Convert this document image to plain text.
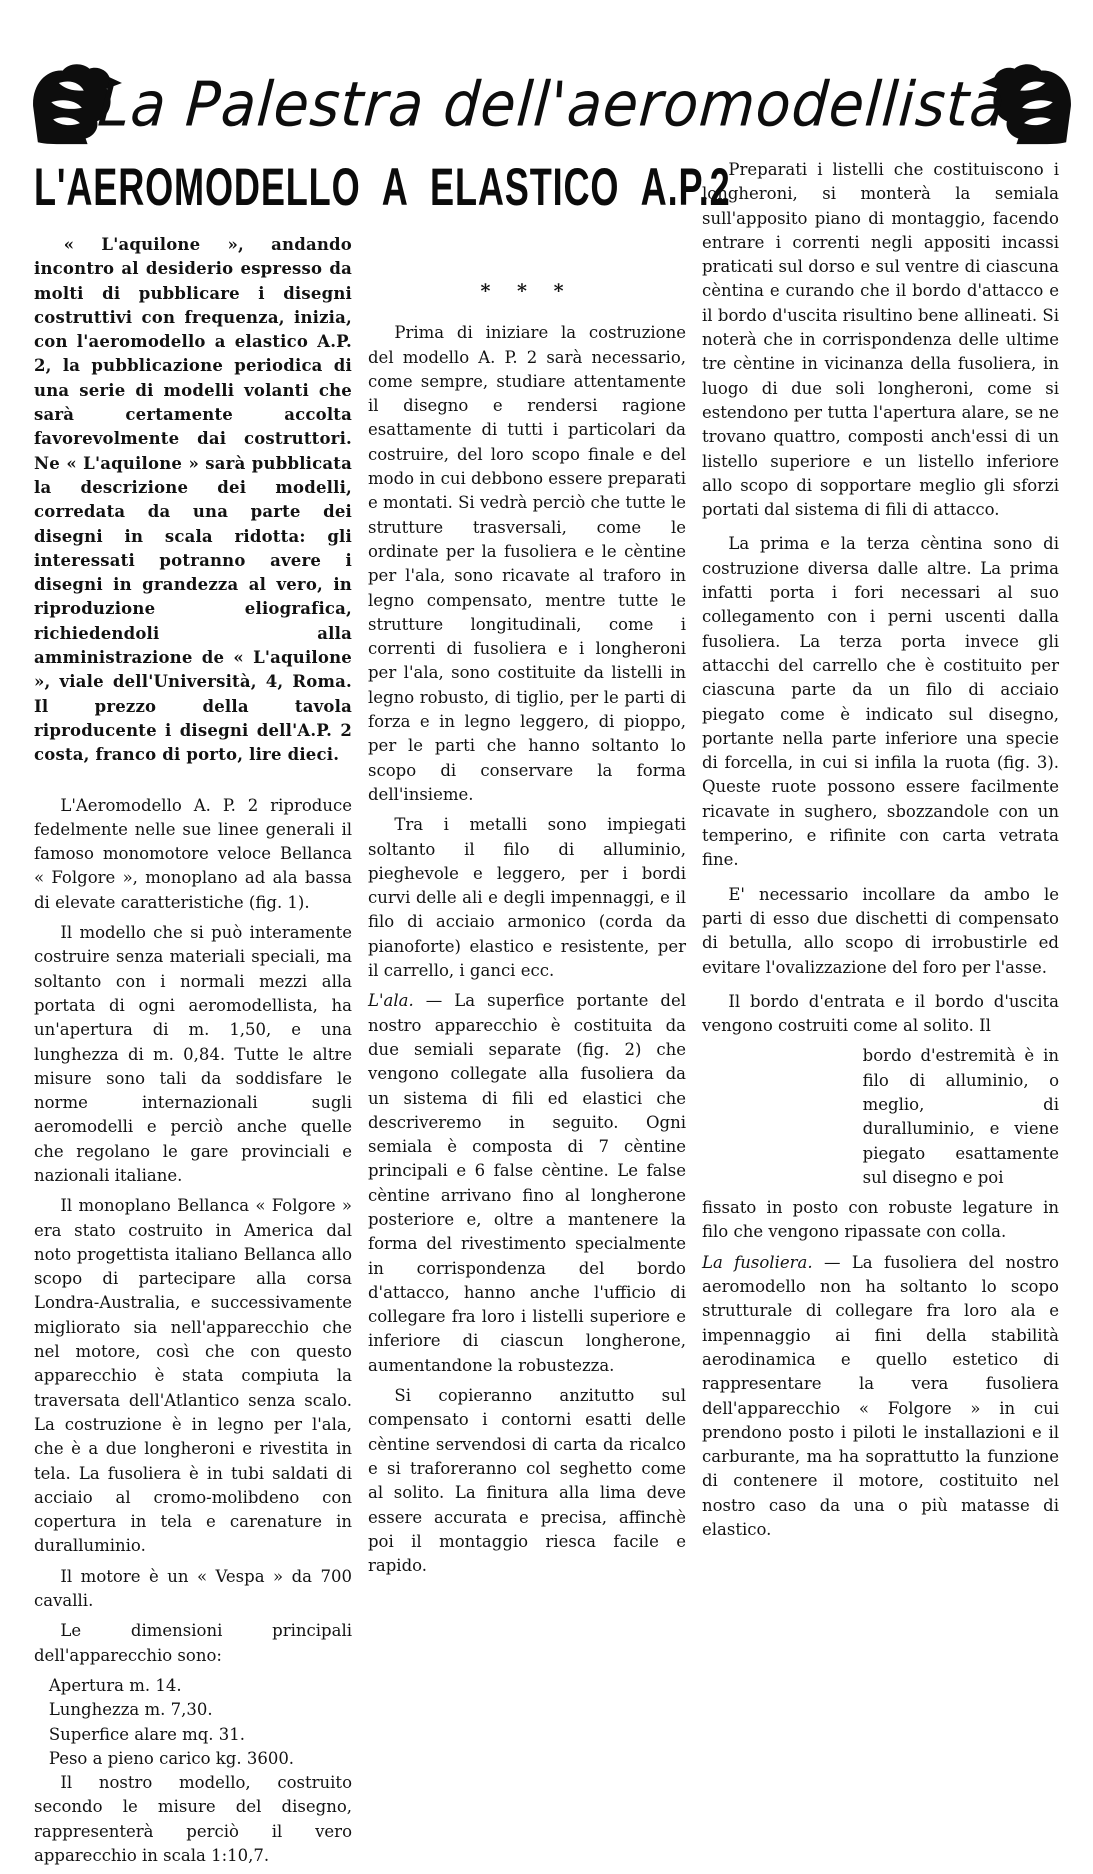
La Palestra dell'aeromodellista
L'AEROMODELLO A ELASTICO A.P.2

« L'aquilone », andando incontro al desiderio espresso da molti di pubblicare i disegni costruttivi con frequenza, inizia, con l'aeromodello a elastico A.P. 2, la pubblicazione periodica di una serie di modelli volanti che sarà certamente accolta favorevolmente dai costruttori. Ne « L'aquilone » sarà pubblicata la descrizione dei modelli, corredata da una parte dei disegni in scala ridotta: gli interessati potranno avere i disegni in grandezza al vero, in riproduzione eliografica, richiedendoli alla amministrazione de « L'aquilone », viale dell'Università, 4, Roma. Il prezzo della tavola riproducente i disegni dell'A.P. 2 costa, franco di porto, lire dieci.

L'Aeromodello A. P. 2 riproduce fedelmente nelle sue linee generali il famoso monomotore veloce Bellanca « Folgore », monoplano ad ala bassa di elevate caratteristiche (fig. 1).

Il modello che si può interamente costruire senza materiali speciali, ma soltanto con i normali mezzi alla portata di ogni aeromodellista, ha un'apertura di m. 1,50, e una lunghezza di m. 0,84. Tutte le altre misure sono tali da soddisfare le norme internazionali sugli aeromodelli e perciò anche quelle che regolano le gare provinciali e nazionali italiane.

Il monoplano Bellanca « Folgore » era stato costruito in America dal noto progettista italiano Bellanca allo scopo di partecipare alla corsa Londra-Australia, e successivamente migliorato sia nell'apparecchio che nel motore, così che con questo apparecchio è stata compiuta la traversata dell'Atlantico senza scalo. La costruzione è in legno per l'ala, che è a due longheroni e rivestita in tela. La fusoliera è in tubi saldati di acciaio al cromo-molibdeno con copertura in tela e carenature in duralluminio.

Il motore è un « Vespa » da 700 cavalli.

Le dimensioni principali dell'apparecchio sono:

Apertura m. 14.

Lunghezza m. 7,30.

Superfice alare mq. 31.

Peso a pieno carico kg. 3600.

Il nostro modello, costruito secondo le misure del disegno, rappresenterà perciò il vero apparecchio in scala 1:10,7.

* * *

Prima di iniziare la costruzione del modello A. P. 2 sarà necessario, come sempre, studiare attentamente il disegno e rendersi ragione esattamente di tutti i particolari da costruire, del loro scopo finale e del modo in cui debbono essere preparati e montati. Si vedrà perciò che tutte le strutture trasversali, come le ordinate per la fusoliera e le cèntine per l'ala, sono ricavate al traforo in legno compensato, mentre tutte le strutture longitudinali, come i correnti di fusoliera e i longheroni per l'ala, sono costituite da listelli in legno robusto, di tiglio, per le parti di forza e in legno leggero, di pioppo, per le parti che hanno soltanto lo scopo di conservare la forma dell'insieme.

Tra i metalli sono impiegati soltanto il filo di alluminio, pieghevole e leggero, per i bordi curvi delle ali e degli impennaggi, e il filo di acciaio armonico (corda da pianoforte) elastico e resistente, per il carrello, i ganci ecc.

L'ala. — La superfice portante del nostro apparecchio è costituita da due semiali separate (fig. 2) che vengono collegate alla fusoliera da un sistema di fili ed elastici che descriveremo in seguito. Ogni semiala è composta di 7 cèntine principali e 6 false cèntine. Le false cèntine arrivano fino al longherone posteriore e, oltre a mantenere la forma del rivestimento specialmente in corrispondenza del bordo d'attacco, hanno anche l'ufficio di collegare fra loro i listelli superiore e inferiore di ciascun longherone, aumentandone la robustezza.

Si copieranno anzitutto sul compensato i contorni esatti delle cèntine servendosi di carta da ricalco e si traforeranno col seghetto come al solito. La finitura alla lima deve essere accurata e precisa, affinchè poi il montaggio riesca facile e rapido.

Preparati i listelli che costituiscono i longheroni, si monterà la semiala sull'apposito piano di montaggio, facendo entrare i correnti negli appositi incassi praticati sul dorso e sul ventre di ciascuna cèntina e curando che il bordo d'attacco e il bordo d'uscita risultino bene allineati. Si noterà che in corrispondenza delle ultime tre cèntine in vicinanza della fusoliera, in luogo di due soli longheroni, come si estendono per tutta l'apertura alare, se ne trovano quattro, composti anch'essi di un listello superiore e un listello inferiore allo scopo di sopportare meglio gli sforzi portati dal sistema di fili di attacco.

La prima e la terza cèntina sono di costruzione diversa dalle altre. La prima infatti porta i fori necessari al suo collegamento con i perni uscenti dalla fusoliera. La terza porta invece gli attacchi del carrello che è costituito per ciascuna parte da un filo di acciaio piegato come è indicato sul disegno, portante nella parte inferiore una specie di forcella, in cui si infila la ruota (fig. 3). Queste ruote possono essere facilmente ricavate in sughero, sbozzandole con un temperino, e rifinite con carta vetrata fine.

E' necessario incollare da ambo le parti di esso due dischetti di compensato di betulla, allo scopo di irrobustirle ed evitare l'ovalizzazione del foro per l'asse.

Il bordo d'entrata e il bordo d'uscita vengono costruiti come al solito. Il

bordo d'estremità è in filo di alluminio, o meglio, di duralluminio, e viene piegato esattamente sul disegno e poi

fissato in posto con robuste legature in filo che vengono ripassate con colla.

La fusoliera. — La fusoliera del nostro aeromodello non ha soltanto lo scopo strutturale di collegare fra loro ala e impennaggio ai fini della stabilità aerodinamica e quello estetico di rappresentare la vera fusoliera dell'apparecchio « Folgore » in cui prendono posto i piloti le installazioni e il carburante, ma ha soprattutto la funzione di contenere il motore, costituito nel nostro caso da una o più matasse di elastico.
